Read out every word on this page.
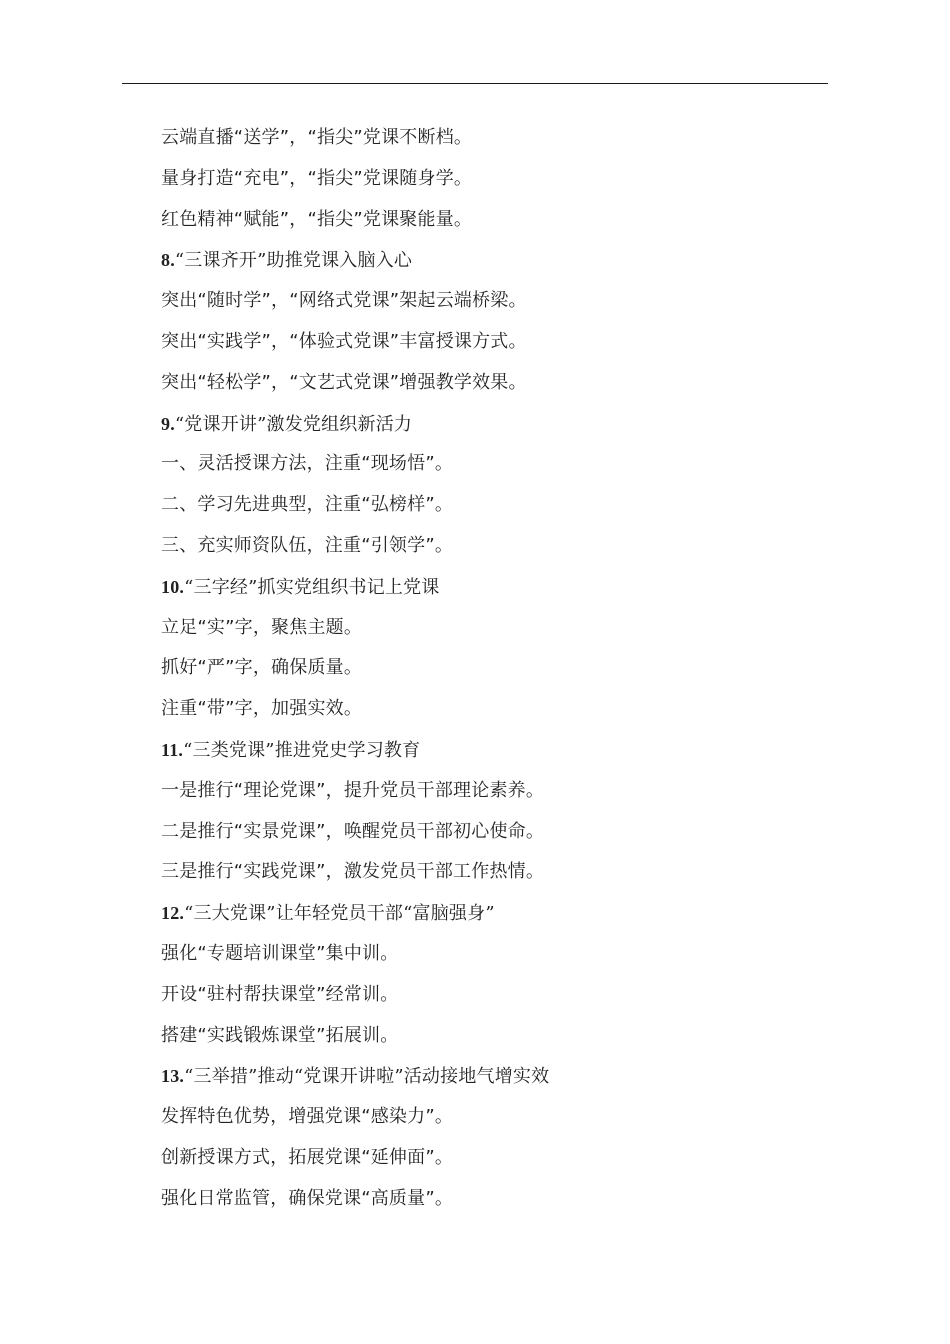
云端直播“送学”，“指尖”党课不断档。
量身打造“充电”，“指尖”党课随身学。
红色精神“赋能”，“指尖”党课聚能量。
8.“三课齐开”助推党课入脑入心
突出“随时学”，“网络式党课”架起云端桥梁。
突出“实践学”，“体验式党课”丰富授课方式。
突出“轻松学”，“文艺式党课”增强教学效果。
9.“党课开讲”激发党组织新活力
一、灵活授课方法，注重“现场悟”。
二、学习先进典型，注重“弘榜样”。
三、充实师资队伍，注重“引领学”。
10.“三字经”抓实党组织书记上党课
立足“实”字，聚焦主题。
抓好“严”字，确保质量。
注重“带”字，加强实效。
11.“三类党课”推进党史学习教育
一是推行“理论党课”，提升党员干部理论素养。
二是推行“实景党课”，唤醒党员干部初心使命。
三是推行“实践党课”，激发党员干部工作热情。
12.“三大党课”让年轻党员干部“富脑强身”
强化“专题培训课堂”集中训。
开设“驻村帮扶课堂”经常训。
搭建“实践锻炼课堂”拓展训。
13.“三举措”推动“党课开讲啦”活动接地气增实效
发挥特色优势，增强党课“感染力”。
创新授课方式，拓展党课“延伸面”。
强化日常监管，确保党课“高质量”。
